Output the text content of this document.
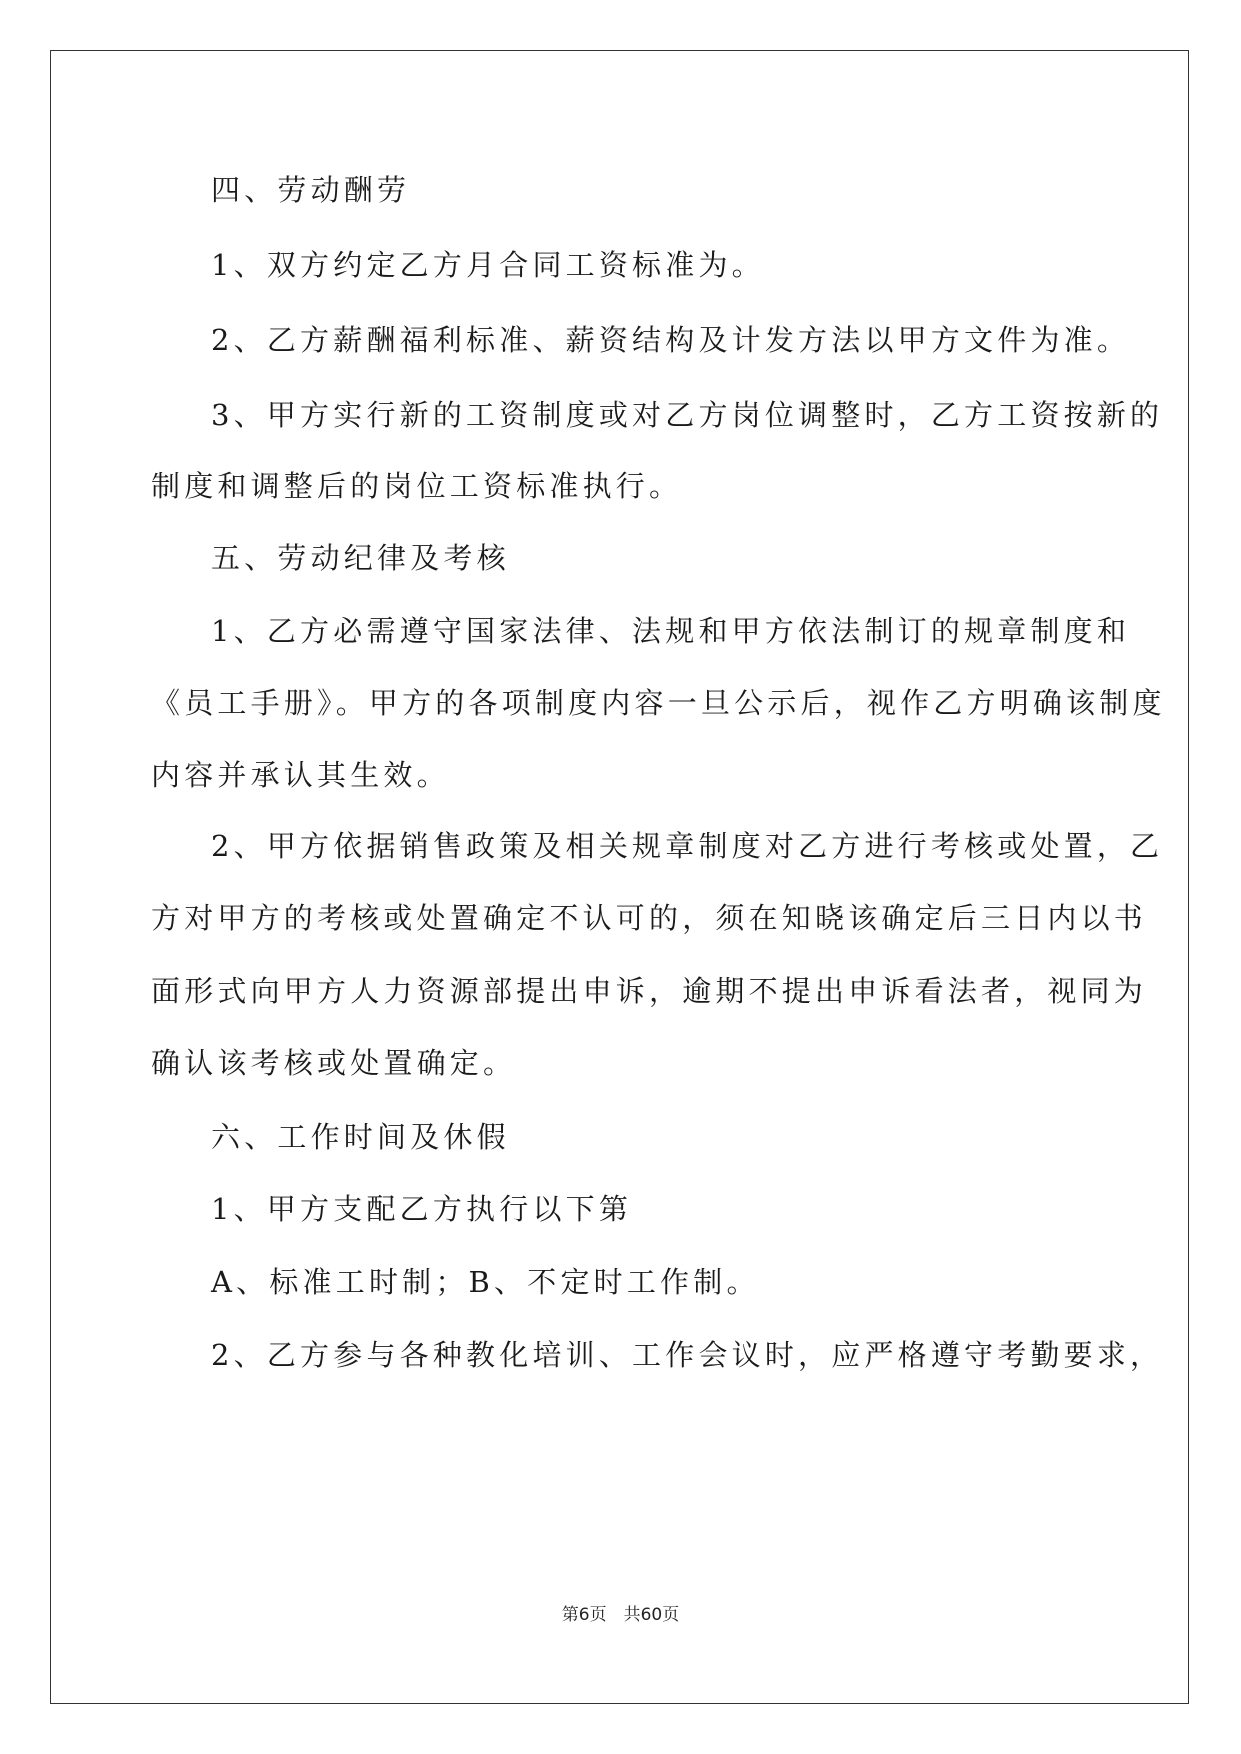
四、劳动酬劳
1、双方约定乙方月合同工资标准为。
2、乙方薪酬福利标准、薪资结构及计发方法以甲方文件为准。
3、甲方实行新的工资制度或对乙方岗位调整时，乙方工资按新的
制度和调整后的岗位工资标准执行。
五、劳动纪律及考核
1、乙方必需遵守国家法律、法规和甲方依法制订的规章制度和
《员工手册》。甲方的各项制度内容一旦公示后，视作乙方明确该制度
内容并承认其生效。
2、甲方依据销售政策及相关规章制度对乙方进行考核或处置，乙
方对甲方的考核或处置确定不认可的，须在知晓该确定后三日内以书
面形式向甲方人力资源部提出申诉，逾期不提出申诉看法者，视同为
确认该考核或处置确定。
六、工作时间及休假
1、甲方支配乙方执行以下第
A、标准工时制；B、不定时工作制。
2、乙方参与各种教化培训、工作会议时，应严格遵守考勤要求，
第6页　共60页
